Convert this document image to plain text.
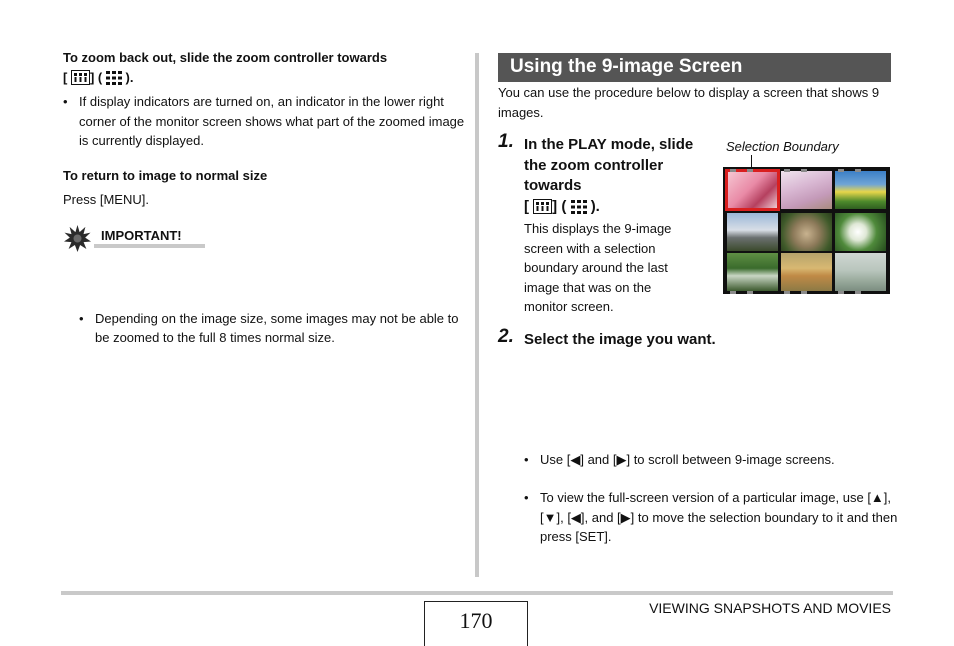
To zoom back out, slide the zoom controller towards
[ ] ( ).
• If display indicators are turned on, an indicator in the lower right corner of the monitor screen shows what part of the zoomed image is currently displayed.
To return to image to normal size
Press [MENU].
IMPORTANT!
• Depending on the image size, some images may not be able to be zoomed to the full 8 times normal size.
Using the 9-image Screen
You can use the procedure below to display a screen that shows 9 images.
1. In the PLAY mode, slide the zoom controller towards
[ ] ( ).
This displays the 9-image screen with a selection boundary around the last image that was on the monitor screen.
Selection Boundary
2. Select the image you want.
• Use [◀] and [▶] to scroll between 9-image screens.
• To view the full-screen version of a particular image, use [▲], [▼], [◀], and [▶] to move the selection boundary to it and then press [SET].
170	VIEWING SNAPSHOTS AND MOVIES
